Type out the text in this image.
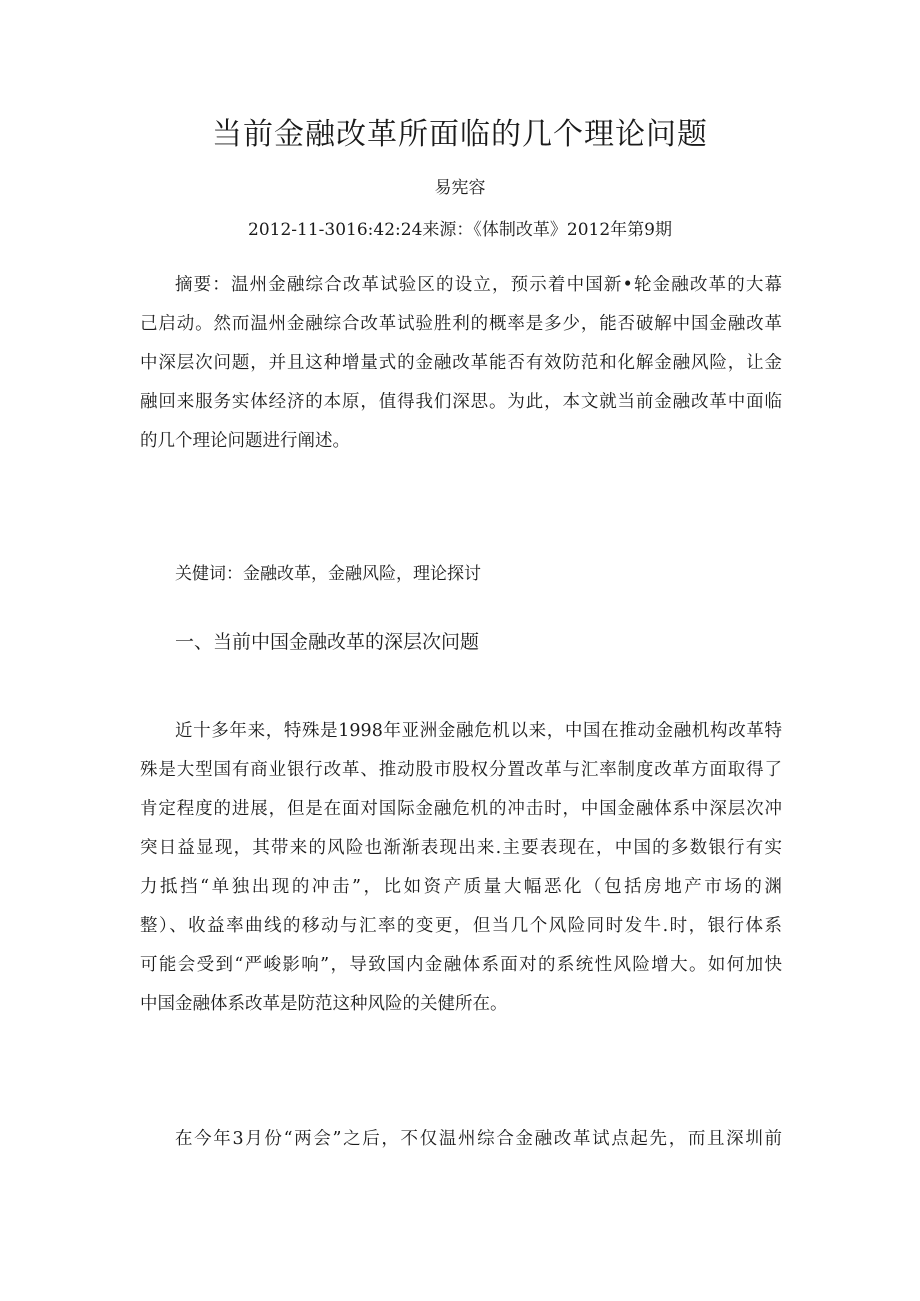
当前金融改革所面临的几个理论问题
易宪容
2012-11-3016:42:24来源：《体制改革》2012年第9期
摘要：温州金融综合改革试验区的设立，预示着中国新•轮金融改革的大幕
己启动。然而温州金融综合改革试验胜利的概率是多少，能否破解中国金融改革
中深层次问题，并且这种增量式的金融改革能否有效防范和化解金融风险，让金
融回来服务实体经济的本原，值得我们深思。为此，本文就当前金融改革中面临
的几个理论问题进行阐述。
关健词：金融改革，金融风险，理论探讨
一、当前中国金融改革的深层次问题
近十多年来，特殊是1998年亚洲金融危机以来，中国在推动金融机构改革特
殊是大型国有商业银行改革、推动股市股权分置改革与汇率制度改革方面取得了
肯定程度的进展，但是在面对国际金融危机的冲击时，中国金融体系中深层次冲
突日益显现，其带来的风险也渐渐表现出来.主要表现在，中国的多数银行有实
力抵挡“单独出现的冲击”，比如资产质量大幅恶化（包括房地产市场的渊
整）、收益率曲线的移动与汇率的变更，但当几个风险同时发牛.时，银行体系
可能会受到“严峻影响”，导致国内金融体系面对的系统性风险增大。如何加快
中国金融体系改革是防范这种风险的关健所在。
在今年3月份“两会”之后，不仅温州综合金融改革试点起先，而且深圳前
